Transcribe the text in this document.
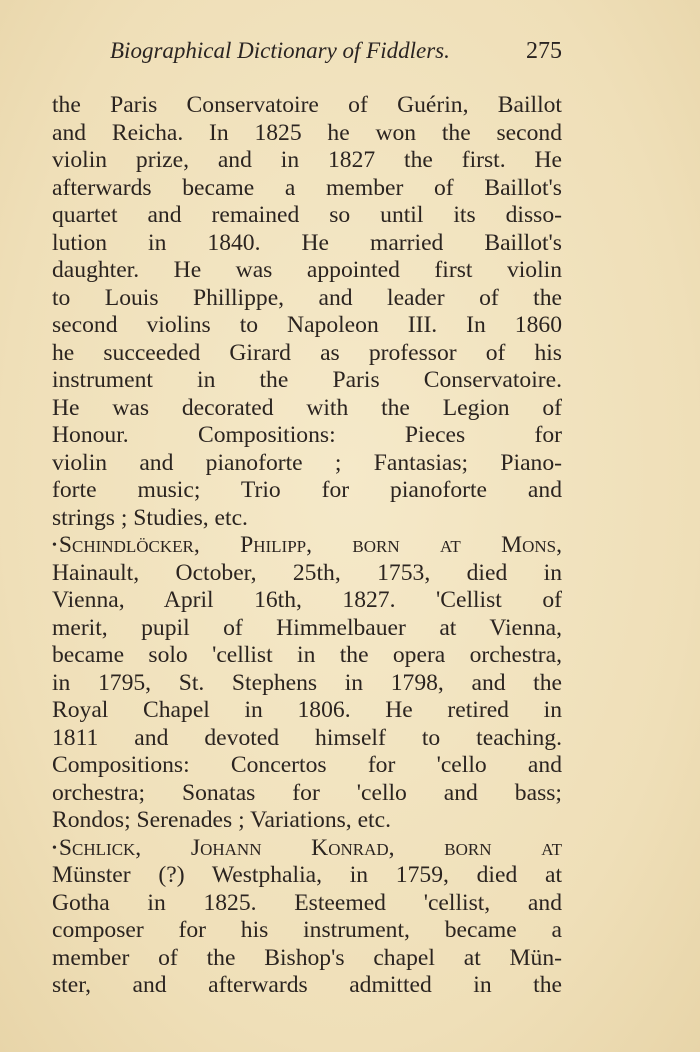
Biographical Dictionary of Fiddlers.	275
the Paris Conservatoire of Guérin, Baillot
and Reicha. In 1825 he won the second
violin prize, and in 1827 the first. He
afterwards became a member of Baillot's
quartet and remained so until its disso-
lution in 1840. He married Baillot's
daughter. He was appointed first violin
to Louis Phillippe, and leader of the
second violins to Napoleon III. In 1860
he succeeded Girard as professor of his
instrument in the Paris Conservatoire.
He was decorated with the Legion of
Honour. Compositions: Pieces for
violin and pianoforte ; Fantasias; Piano-
forte music; Trio for pianoforte and
strings ; Studies, etc.
•Schindlöcker, Philipp, born at Mons,
Hainault, October, 25th, 1753, died in
Vienna, April 16th, 1827. 'Cellist of
merit, pupil of Himmelbauer at Vienna,
became solo 'cellist in the opera orchestra,
in 1795, St. Stephens in 1798, and the
Royal Chapel in 1806. He retired in
1811 and devoted himself to teaching.
Compositions: Concertos for 'cello and
orchestra; Sonatas for 'cello and bass;
Rondos; Serenades ; Variations, etc.
•Schlick, Johann Konrad, born at
Münster (?) Westphalia, in 1759, died at
Gotha in 1825. Esteemed 'cellist, and
composer for his instrument, became a
member of the Bishop's chapel at Mün-
ster, and afterwards admitted in the
